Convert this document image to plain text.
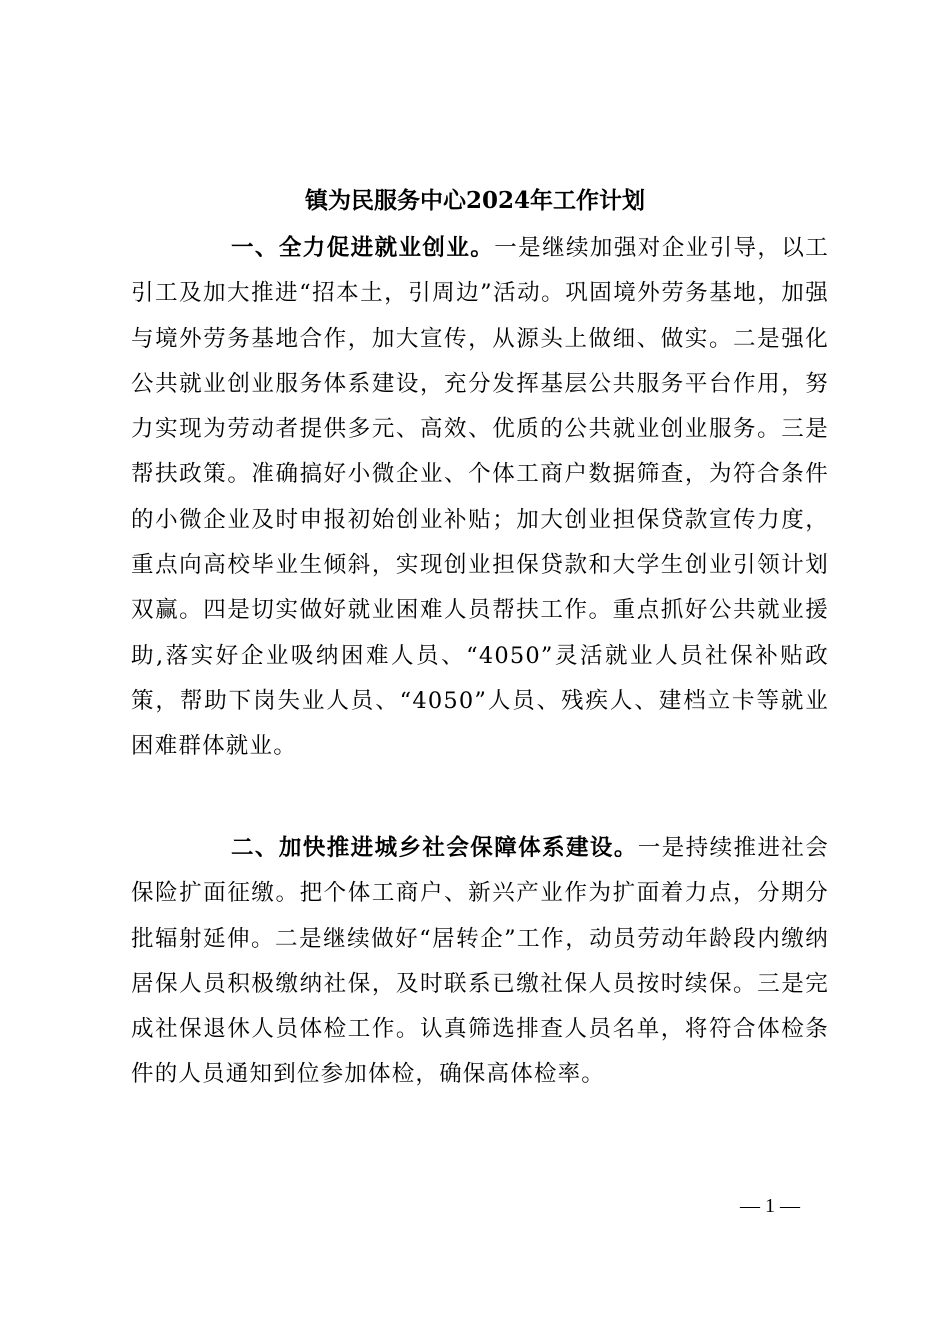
镇为民服务中心2024年工作计划

一、全力促进就业创业。一是继续加强对企业引导，以工引工及加大推进“招本土，引周边”活动。巩固境外劳务基地，加强与境外劳务基地合作，加大宣传，从源头上做细、做实。二是强化公共就业创业服务体系建设，充分发挥基层公共服务平台作用，努力实现为劳动者提供多元、高效、优质的公共就业创业服务。三是帮扶政策。准确搞好小微企业、个体工商户数据筛查，为符合条件的小微企业及时申报初始创业补贴；加大创业担保贷款宣传力度，重点向高校毕业生倾斜，实现创业担保贷款和大学生创业引领计划双赢。四是切实做好就业困难人员帮扶工作。重点抓好公共就业援助,落实好企业吸纳困难人员、“4050”灵活就业人员社保补贴政策，帮助下岗失业人员、“4050”人员、残疾人、建档立卡等就业困难群体就业。

二、加快推进城乡社会保障体系建设。一是持续推进社会保险扩面征缴。把个体工商户、新兴产业作为扩面着力点，分期分批辐射延伸。二是继续做好“居转企”工作，动员劳动年龄段内缴纳居保人员积极缴纳社保，及时联系已缴社保人员按时续保。三是完成社保退休人员体检工作。认真筛选排查人员名单，将符合体检条件的人员通知到位参加体检，确保高体检率。

— 1 —
